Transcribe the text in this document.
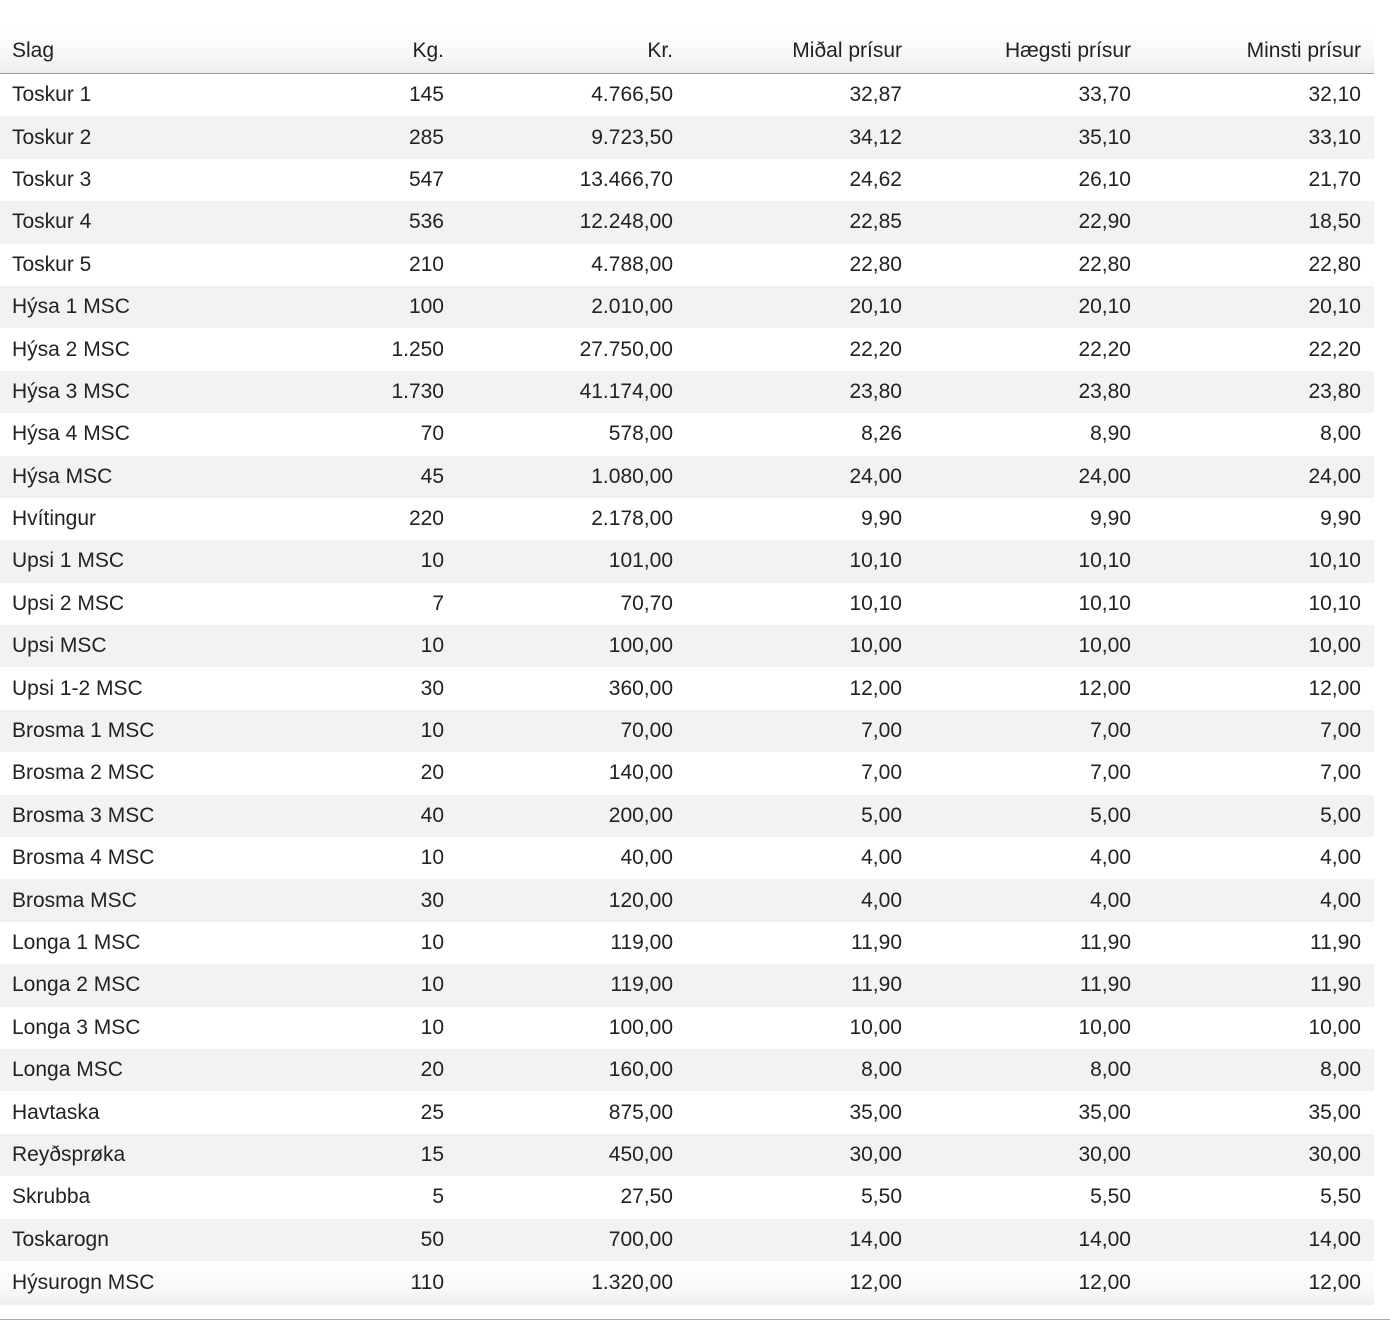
Slag	Kg.	Kr.	Miðal prísur	Hægsti prísur	Minsti prísur
Toskur 1	145	4.766,50	32,87	33,70	32,10
Toskur 2	285	9.723,50	34,12	35,10	33,10
Toskur 3	547	13.466,70	24,62	26,10	21,70
Toskur 4	536	12.248,00	22,85	22,90	18,50
Toskur 5	210	4.788,00	22,80	22,80	22,80
Hýsa 1 MSC	100	2.010,00	20,10	20,10	20,10
Hýsa 2 MSC	1.250	27.750,00	22,20	22,20	22,20
Hýsa 3 MSC	1.730	41.174,00	23,80	23,80	23,80
Hýsa 4 MSC	70	578,00	8,26	8,90	8,00
Hýsa MSC	45	1.080,00	24,00	24,00	24,00
Hvítingur	220	2.178,00	9,90	9,90	9,90
Upsi 1 MSC	10	101,00	10,10	10,10	10,10
Upsi 2 MSC	7	70,70	10,10	10,10	10,10
Upsi MSC	10	100,00	10,00	10,00	10,00
Upsi 1-2 MSC	30	360,00	12,00	12,00	12,00
Brosma 1 MSC	10	70,00	7,00	7,00	7,00
Brosma 2 MSC	20	140,00	7,00	7,00	7,00
Brosma 3 MSC	40	200,00	5,00	5,00	5,00
Brosma 4 MSC	10	40,00	4,00	4,00	4,00
Brosma MSC	30	120,00	4,00	4,00	4,00
Longa 1 MSC	10	119,00	11,90	11,90	11,90
Longa 2 MSC	10	119,00	11,90	11,90	11,90
Longa 3 MSC	10	100,00	10,00	10,00	10,00
Longa MSC	20	160,00	8,00	8,00	8,00
Havtaska	25	875,00	35,00	35,00	35,00
Reyðsprøka	15	450,00	30,00	30,00	30,00
Skrubba	5	27,50	5,50	5,50	5,50
Toskarogn	50	700,00	14,00	14,00	14,00
Hýsurogn MSC	110	1.320,00	12,00	12,00	12,00
